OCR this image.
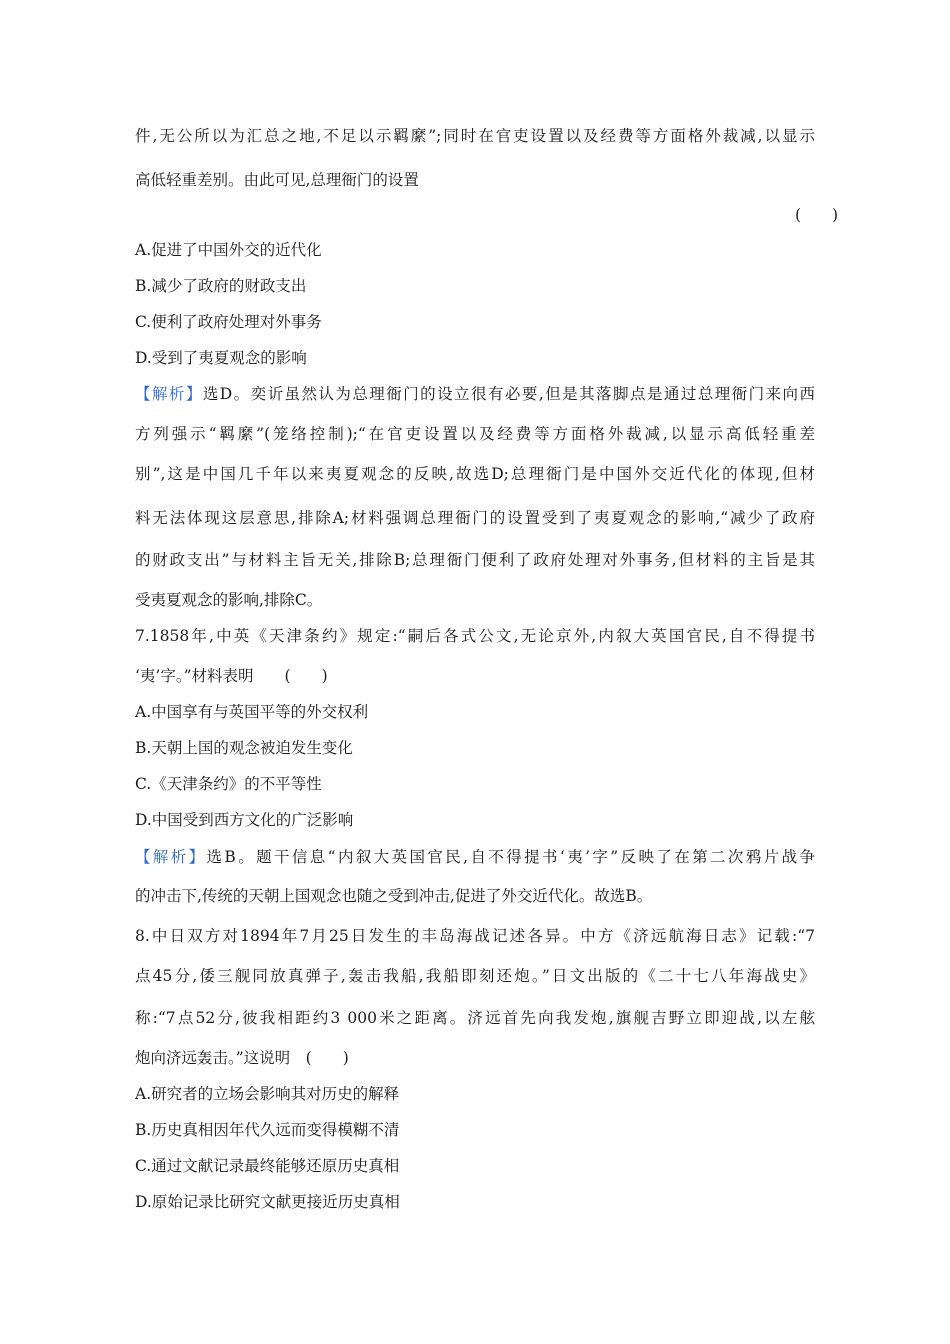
件,无公所以为汇总之地,不足以示羁縻”;同时在官吏设置以及经费等方面格外裁减,以显示
高低轻重差别。由此可见,总理衙门的设置
(　　)
A.促进了中国外交的近代化
B.减少了政府的财政支出
C.便利了政府处理对外事务
D.受到了夷夏观念的影响
【解析】选D。奕䜣虽然认为总理衙门的设立很有必要,但是其落脚点是通过总理衙门来向西
方列强示“羁縻”(笼络控制);“在官吏设置以及经费等方面格外裁减,以显示高低轻重差
别”,这是中国几千年以来夷夏观念的反映,故选D;总理衙门是中国外交近代化的体现,但材
料无法体现这层意思,排除A;材料强调总理衙门的设置受到了夷夏观念的影响,“减少了政府
的财政支出”与材料主旨无关,排除B;总理衙门便利了政府处理对外事务,但材料的主旨是其
受夷夏观念的影响,排除C。
7.1858年,中英《天津条约》规定:“嗣后各式公文,无论京外,内叙大英国官民,自不得提书
‘夷’字。”材料表明　　(　　)
A.中国享有与英国平等的外交权利
B.天朝上国的观念被迫发生变化
C.《天津条约》的不平等性
D.中国受到西方文化的广泛影响
【解析】选B。题干信息“内叙大英国官民,自不得提书‘夷’字”反映了在第二次鸦片战争
的冲击下,传统的天朝上国观念也随之受到冲击,促进了外交近代化。故选B。
8.中日双方对1894年7月25日发生的丰岛海战记述各异。中方《济远航海日志》记载:“7
点45分,倭三舰同放真弹子,轰击我船,我船即刻还炮。”日文出版的《二十七八年海战史》
称:“7点52分,彼我相距约3 000米之距离。济远首先向我发炮,旗舰吉野立即迎战,以左舷
炮向济远轰击。”这说明　(　　)
A.研究者的立场会影响其对历史的解释
B.历史真相因年代久远而变得模糊不清
C.通过文献记录最终能够还原历史真相
D.原始记录比研究文献更接近历史真相
